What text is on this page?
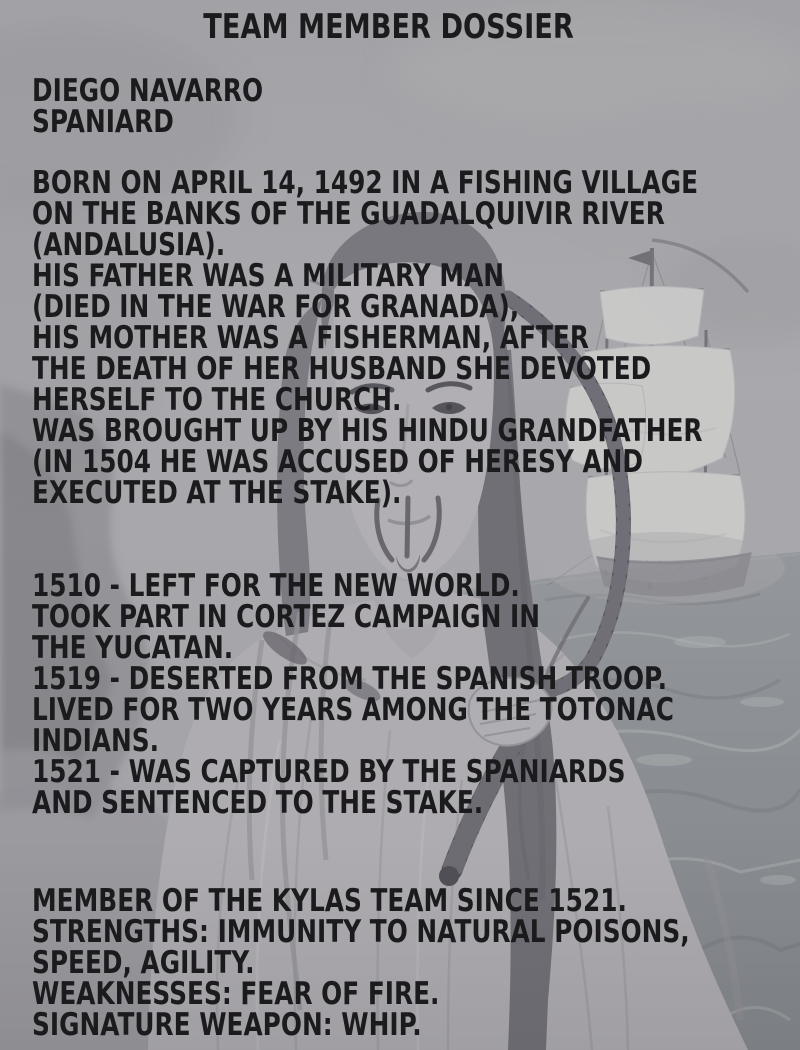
TEAM MEMBER DOSSIER
DIEGO NAVARRO
SPANIARD
BORN ON APRIL 14, 1492 IN A FISHING VILLAGE
ON THE BANKS OF THE GUADALQUIVIR RIVER
(ANDALUSIA).
HIS FATHER WAS A MILITARY MAN
(DIED IN THE WAR FOR GRANADA),
HIS MOTHER WAS A FISHERMAN, AFTER
THE DEATH OF HER HUSBAND SHE DEVOTED
HERSELF TO THE CHURCH.
WAS BROUGHT UP BY HIS HINDU GRANDFATHER
(IN 1504 HE WAS ACCUSED OF HERESY AND
EXECUTED AT THE STAKE).
1510 - LEFT FOR THE NEW WORLD.
TOOK PART IN CORTEZ CAMPAIGN IN
THE YUCATAN.
1519 - DESERTED FROM THE SPANISH TROOP.
LIVED FOR TWO YEARS AMONG THE TOTONAC
INDIANS.
1521 - WAS CAPTURED BY THE SPANIARDS
AND SENTENCED TO THE STAKE.
MEMBER OF THE KYLAS TEAM SINCE 1521.
STRENGTHS: IMMUNITY TO NATURAL POISONS,
SPEED, AGILITY.
WEAKNESSES: FEAR OF FIRE.
SIGNATURE WEAPON: WHIP.
